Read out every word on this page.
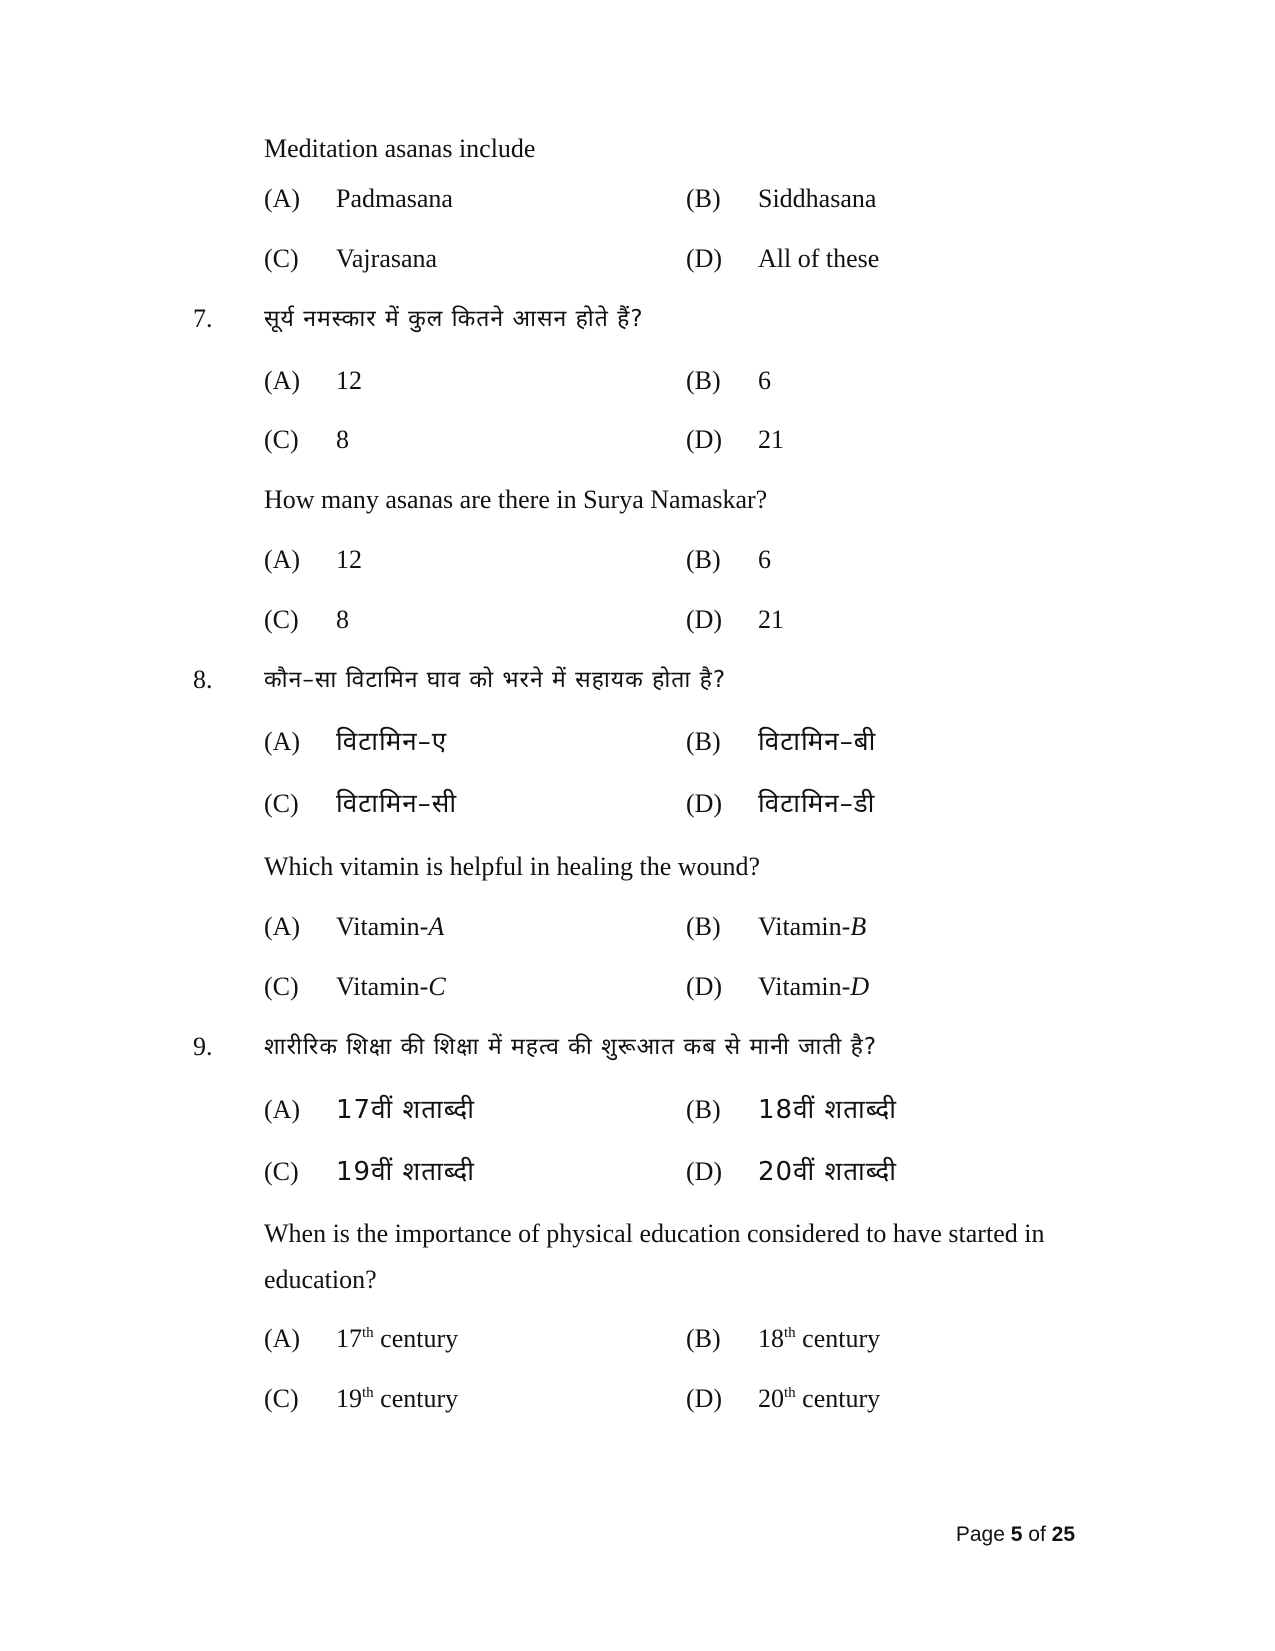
Meditation asanas include
(A) Padmasana	(B) Siddhasana
(C) Vajrasana	(D) All of these
7. सूर्य नमस्कार में कुल कितने आसन होते हैं?
(A) 12	(B) 6
(C) 8	(D) 21
How many asanas are there in Surya Namaskar?
(A) 12	(B) 6
(C) 8	(D) 21
8. कौन–सा विटामिन घाव को भरने में सहायक होता है?
(A) विटामिन–ए	(B) विटामिन–बी
(C) विटामिन–सी	(D) विटामिन–डी
Which vitamin is helpful in healing the wound?
(A) Vitamin-A	(B) Vitamin-B
(C) Vitamin-C	(D) Vitamin-D
9. शारीरिक शिक्षा की शिक्षा में महत्व की शुरूआत कब से मानी जाती है?
(A) 17वीं शताब्दी	(B) 18वीं शताब्दी
(C) 19वीं शताब्दी	(D) 20वीं शताब्दी
When is the importance of physical education considered to have started in education?
(A) 17th century	(B) 18th century
(C) 19th century	(D) 20th century
Page 5 of 25
